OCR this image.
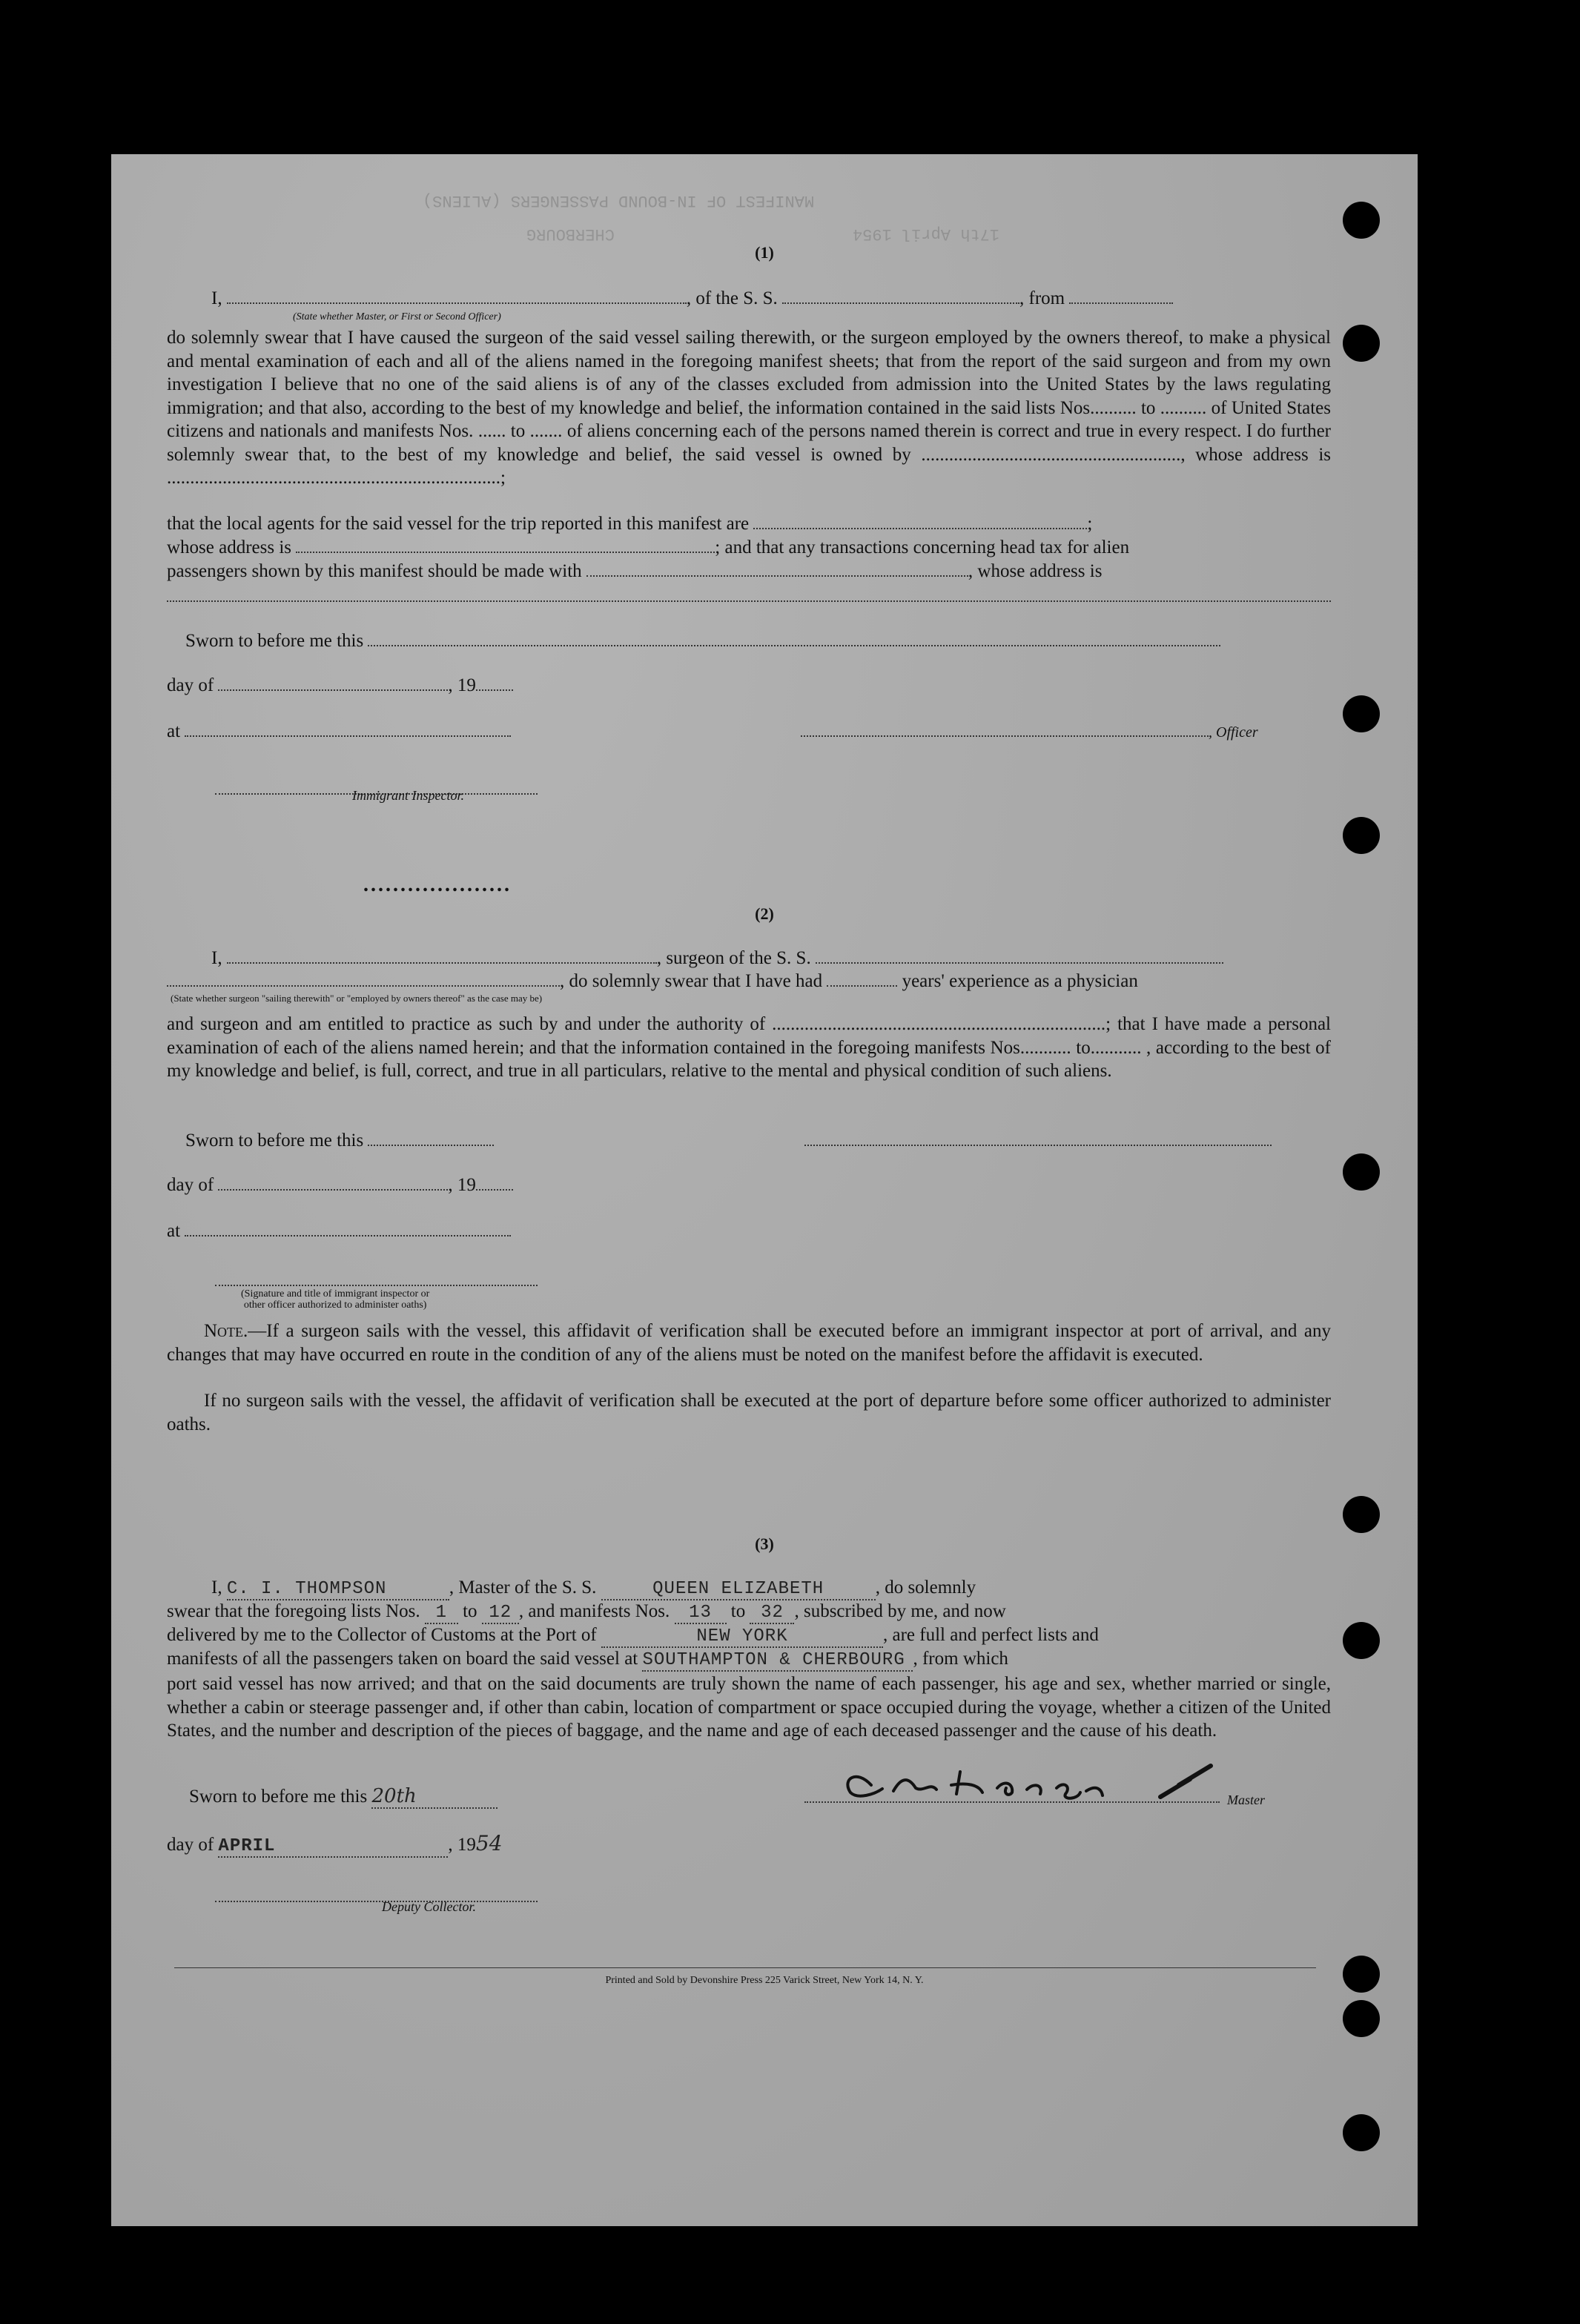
MANIFEST OF IN-BOUND PASSENGERS (ALIENS)
CHERBOURG	17th April 1954
(1)
I,	, of the S. S.	, from
(State whether Master, or First or Second Officer)
do solemnly swear that I have caused the surgeon of the said vessel sailing therewith, or the surgeon employed by the owners thereof, to make a physical and mental examination of each and all of the aliens named in the foregoing manifest sheets; that from the report of the said surgeon and from my own investigation I believe that no one of the said aliens is of any of the classes excluded from admission into the United States by the laws regulating immigration; and that also, according to the best of my knowledge and belief, the information contained in the said lists Nos.......... to .......... of United States citizens and nationals and manifests Nos. ...... to ....... of aliens concerning each of the persons named therein is correct and true in every respect. I do further solemnly swear that, to the best of my knowledge and belief, the said vessel is owned by ........................................................, whose address is ........................................................................;
that the local agents for the said vessel for the trip reported in this manifest are	;
whose address is	; and that any transactions concerning head tax for alien
passengers shown by this manifest should be made with	, whose address is
Sworn to before me this
day of	, 19
at	, Officer
Immigrant Inspector.
....................
(2)
I,	, surgeon of the S. S.
, do solemnly swear that I have had	years' experience as a physician
(State whether surgeon "sailing therewith" or "employed by owners thereof" as the case may be)
and surgeon and am entitled to practice as such by and under the authority of ........................................................................; that I have made a personal examination of each of the aliens named herein; and that the information contained in the foregoing manifests Nos........... to........... , according to the best of my knowledge and belief, is full, correct, and true in all particulars, relative to the mental and physical condition of such aliens.
Sworn to before me this
day of	, 19
at
(Signature and title of immigrant inspector or
other officer authorized to administer oaths)
Note.—If a surgeon sails with the vessel, this affidavit of verification shall be executed before an immigrant inspector at port of arrival, and any changes that may have occurred en route in the condition of any of the aliens must be noted on the manifest before the affidavit is executed.
If no surgeon sails with the vessel, the affidavit of verification shall be executed at the port of departure before some officer authorized to administer oaths.
(3)
I, C. I. THOMPSON	, Master of the S. S.	QUEEN ELIZABETH	, do solemnly
swear that the foregoing lists Nos. 1 to 12 , and manifests Nos. 13 to 32 , subscribed by me, and now
delivered by me to the Collector of Customs at the Port of	NEW YORK	, are full and perfect lists and
manifests of all the passengers taken on board the said vessel at SOUTHAMPTON & CHERBOURG , from which
port said vessel has now arrived; and that on the said documents are truly shown the name of each passenger, his age and sex, whether married or single, whether a cabin or steerage passenger and, if other than cabin, location of compartment or space occupied during the voyage, whether a citizen of the United States, and the number and description of the pieces of baggage, and the name and age of each deceased passenger and the cause of his death.
Sworn to before me this 20th	Master
day of APRIL	, 1954
Deputy Collector.
Printed and Sold by Devonshire Press 225 Varick Street, New York 14, N. Y.
